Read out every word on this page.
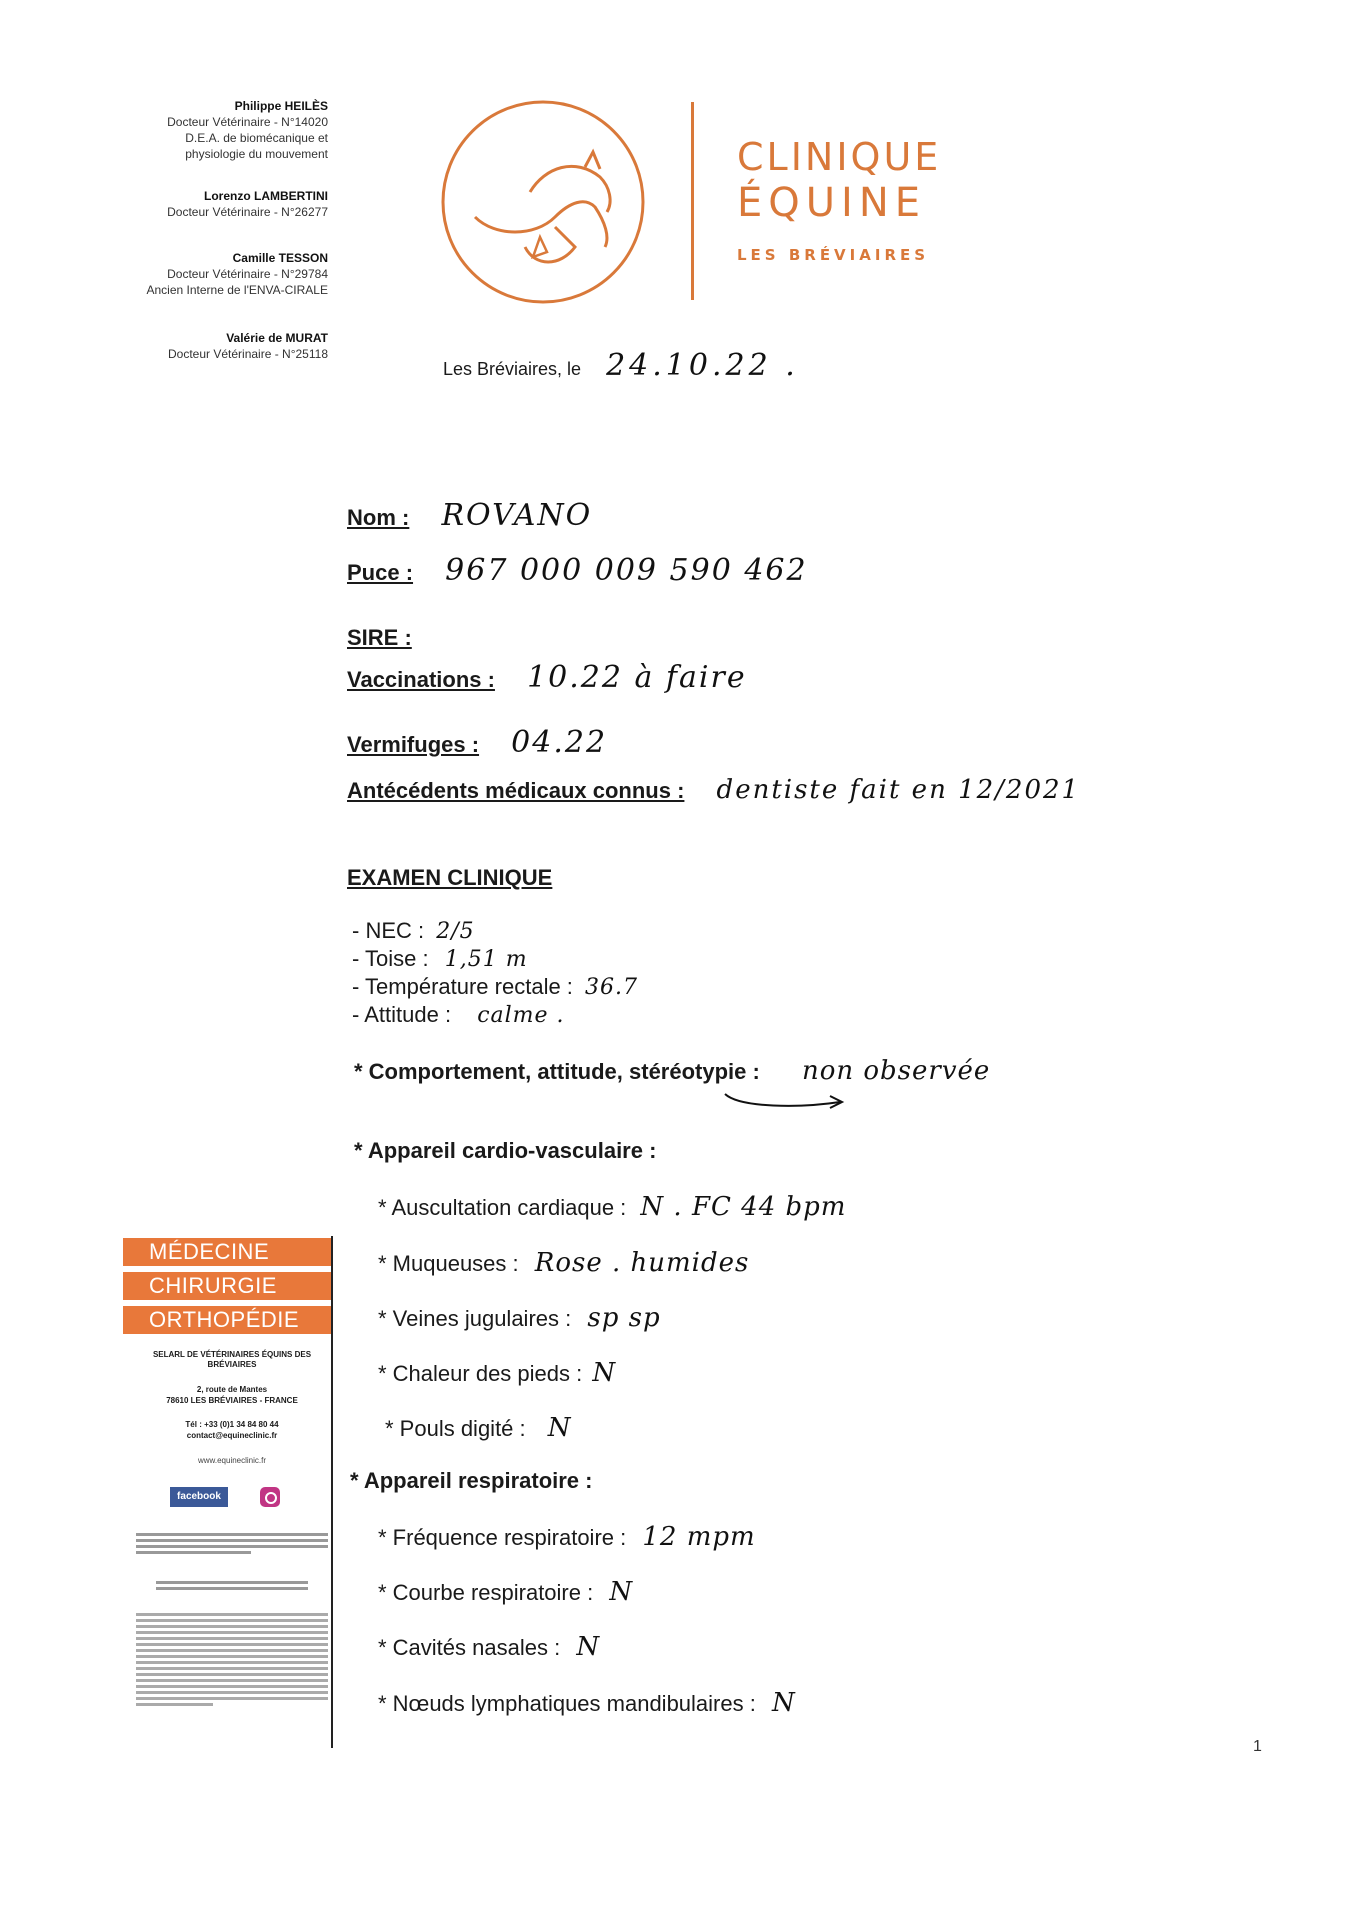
Philippe HEILÈS
Docteur Vétérinaire - N°14020
D.E.A. de biomécanique et
physiologie du mouvement
Lorenzo LAMBERTINI
Docteur Vétérinaire - N°26277
Camille TESSON
Docteur Vétérinaire - N°29784
Ancien Interne de l'ENVA-CIRALE
Valérie de MURAT
Docteur Vétérinaire - N°25118
CLINIQUE
ÉQUINE
LES BRÉVIAIRES
Les Bréviaires, le 24.10.22 .
Nom : ROVANO
Puce : 967 000 009 590 462
SIRE :
Vaccinations : 10.22 à faire
Vermifuges : 04.22
Antécédents médicaux connus : dentiste fait en 12/2021
EXAMEN CLINIQUE
- NEC : 2/5
- Toise : 1,51 m
- Température rectale : 36.7
- Attitude : calme .
* Comportement, attitude, stéréotypie : non observée
* Appareil cardio-vasculaire :
* Auscultation cardiaque : N . FC 44 bpm
* Muqueuses : Rose . humides
* Veines jugulaires : sp sp
* Chaleur des pieds : N
* Pouls digité : N
* Appareil respiratoire :
* Fréquence respiratoire : 12 mpm
* Courbe respiratoire : N
* Cavités nasales : N
* Nœuds lymphatiques mandibulaires : N
MÉDECINE
CHIRURGIE
ORTHOPÉDIE
SELARL DE VÉTÉRINAIRES ÉQUINS DES BRÉVIAIRES
2, route de Mantes
78610 LES BRÉVIAIRES - FRANCE
Tél : +33 (0)1 34 84 80 44
contact@equineclinic.fr
www.equineclinic.fr
facebook
1
